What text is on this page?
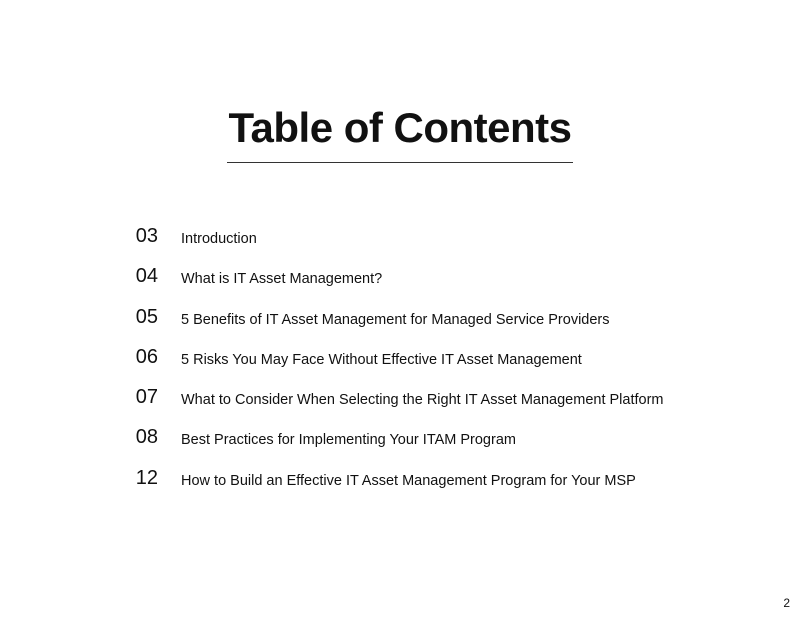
Table of Contents
03 Introduction
04 What is IT Asset Management?
05 5 Benefits of IT Asset Management for Managed Service Providers
06 5 Risks You May Face Without Effective IT Asset Management
07 What to Consider When Selecting the Right IT Asset Management Platform
08 Best Practices for Implementing Your ITAM Program
12 How to Build an Effective IT Asset Management Program for Your MSP
2
